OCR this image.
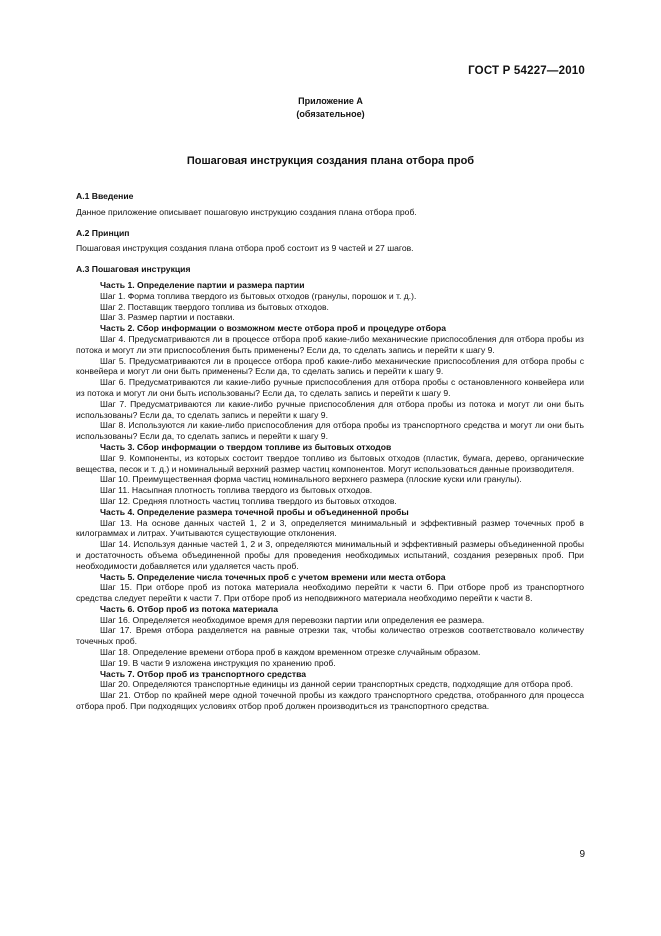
ГОСТ Р 54227—2010
Приложение А
(обязательное)
Пошаговая инструкция создания плана отбора проб

А.1 Введение

Данное приложение описывает пошаговую инструкцию создания плана отбора проб.

А.2 Принцип

Пошаговая инструкция создания плана отбора проб состоит из 9 частей и 27 шагов.

А.3 Пошаговая инструкция

Часть 1. Определение партии и размера партии

Шаг 1. Форма топлива твердого из бытовых отходов (гранулы, порошок и т. д.).

Шаг 2. Поставщик твердого топлива из бытовых отходов.

Шаг 3. Размер партии и поставки.

Часть 2. Сбор информации о возможном месте отбора проб и процедуре отбора

Шаг 4. Предусматриваются ли в процессе отбора проб какие-либо механические приспособления для отбора пробы из потока и могут ли эти приспособления быть применены? Если да, то сделать запись и перейти к шагу 9.

Шаг 5. Предусматриваются ли в процессе отбора проб какие-либо механические приспособления для отбора пробы с конвейера и могут ли они быть применены? Если да, то сделать запись и перейти к шагу 9.

Шаг 6. Предусматриваются ли какие-либо ручные приспособления для отбора пробы с остановленного конвейера или из потока и могут ли они быть использованы? Если да, то сделать запись и перейти к шагу 9.

Шаг 7. Предусматриваются ли какие-либо ручные приспособления для отбора пробы из потока и могут ли они быть использованы? Если да, то сделать запись и перейти к шагу 9.

Шаг 8. Используются ли какие-либо приспособления для отбора пробы из транспортного средства и могут ли они быть использованы? Если да, то сделать запись и перейти к шагу 9.

Часть 3. Сбор информации о твердом топливе из бытовых отходов

Шаг 9. Компоненты, из которых состоит твердое топливо из бытовых отходов (пластик, бумага, дерево, органические вещества, песок и т. д.) и номинальный верхний размер частиц компонентов. Могут использоваться данные производителя.

Шаг 10. Преимущественная форма частиц номинального верхнего размера (плоские куски или гранулы).

Шаг 11. Насыпная плотность топлива твердого из бытовых отходов.

Шаг 12. Средняя плотность частиц топлива твердого из бытовых отходов.

Часть 4. Определение размера точечной пробы и объединенной пробы

Шаг 13. На основе данных частей 1, 2 и 3, определяется минимальный и эффективный размер точечных проб в килограммах и литрах. Учитываются существующие отклонения.

Шаг 14. Используя данные частей 1, 2 и 3, определяются минимальный и эффективный размеры объединенной пробы и достаточность объема объединенной пробы для проведения необходимых испытаний, создания резервных проб. При необходимости добавляется или удаляется часть проб.

Часть 5. Определение числа точечных проб с учетом времени или места отбора

Шаг 15. При отборе проб из потока материала необходимо перейти к части 6. При отборе проб из транспортного средства следует перейти к части 7. При отборе проб из неподвижного материала необходимо перейти к части 8.

Часть 6. Отбор проб из потока материала

Шаг 16. Определяется необходимое время для перевозки партии или определения ее размера.

Шаг 17. Время отбора разделяется на равные отрезки так, чтобы количество отрезков соответствовало количеству точечных проб.

Шаг 18. Определение времени отбора проб в каждом временном отрезке случайным образом.

Шаг 19. В части 9 изложена инструкция по хранению проб.

Часть 7. Отбор проб из транспортного средства

Шаг 20. Определяются транспортные единицы из данной серии транспортных средств, подходящие для отбора проб.

Шаг 21. Отбор по крайней мере одной точечной пробы из каждого транспортного средства, отобранного для процесса отбора проб. При подходящих условиях отбор проб должен производиться из транспортного средства.

9
